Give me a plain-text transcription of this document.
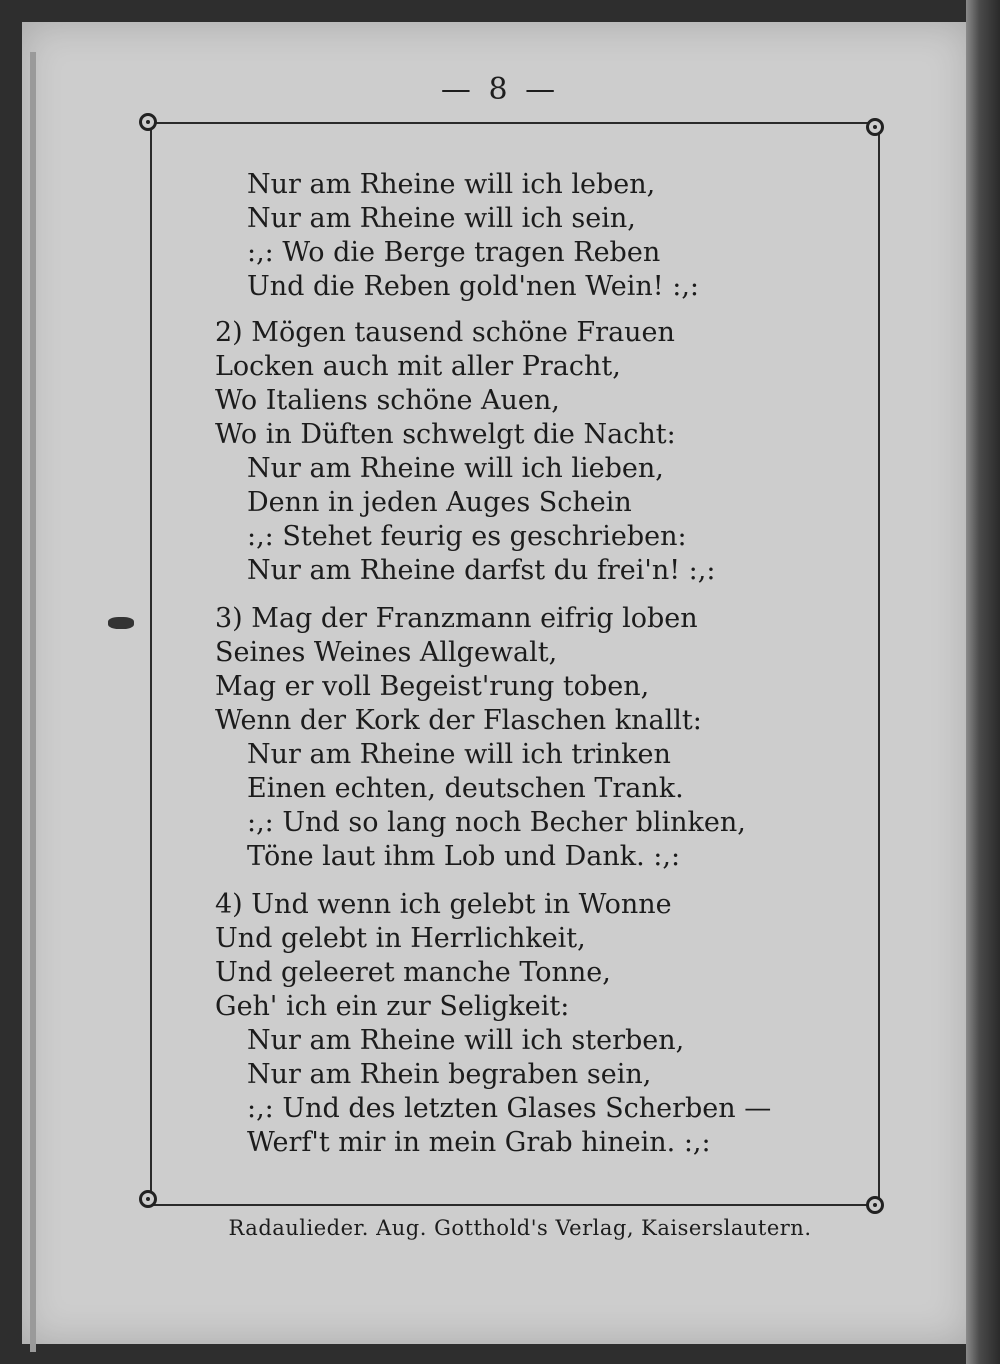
— 8 —
Nur am Rheine will ich leben,
Nur am Rheine will ich sein,
:,: Wo die Berge tragen Reben
Und die Reben gold'nen Wein! :,:
2) Mögen tausend schöne Frauen
Locken auch mit aller Pracht,
Wo Italiens schöne Auen,
Wo in Düften schwelgt die Nacht:
Nur am Rheine will ich lieben,
Denn in jeden Auges Schein
:,: Stehet feurig es geschrieben:
Nur am Rheine darfst du frei'n! :,:
3) Mag der Franzmann eifrig loben
Seines Weines Allgewalt,
Mag er voll Begeist'rung toben,
Wenn der Kork der Flaschen knallt:
Nur am Rheine will ich trinken
Einen echten, deutschen Trank.
:,: Und so lang noch Becher blinken,
Töne laut ihm Lob und Dank. :,:
4) Und wenn ich gelebt in Wonne
Und gelebt in Herrlichkeit,
Und geleeret manche Tonne,
Geh' ich ein zur Seligkeit:
Nur am Rheine will ich sterben,
Nur am Rhein begraben sein,
:,: Und des letzten Glases Scherben —
Werf't mir in mein Grab hinein. :,:
Radaulieder. Aug. Gotthold's Verlag, Kaiserslautern.
